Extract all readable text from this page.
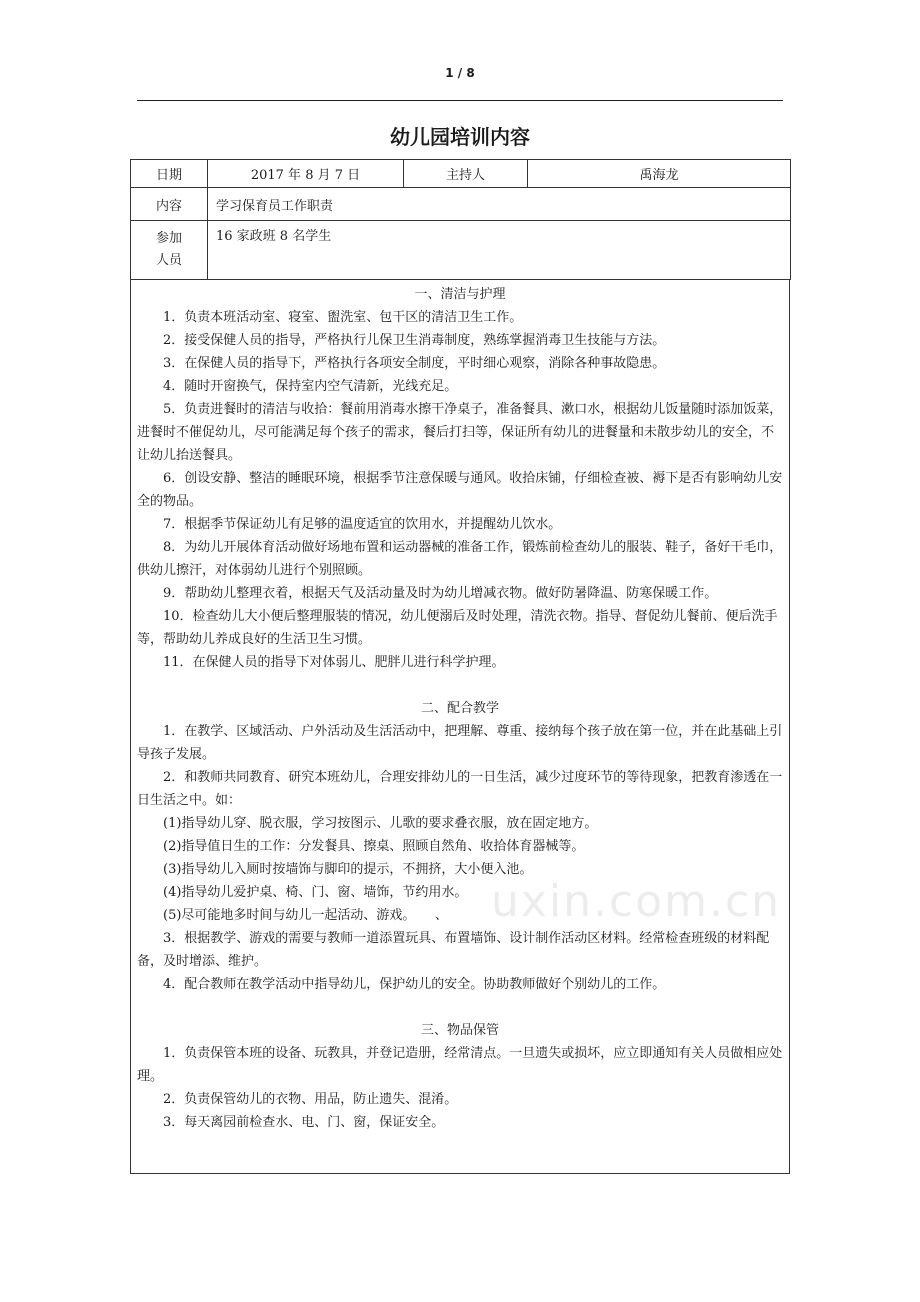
1 / 8
幼儿园培训内容
日期	2017 年 8 月 7 日	主持人	禹海龙
内容	学习保育员工作职责		

参加
人员	16 家政班 8 名学生		
一、清洁与护理

1．负责本班活动室、寝室、盥洗室、包干区的清洁卫生工作。

2．接受保健人员的指导，严格执行儿保卫生消毒制度，熟练掌握消毒卫生技能与方法。

3．在保健人员的指导下，严格执行各项安全制度，平时细心观察，消除各种事故隐患。

4．随时开窗换气，保持室内空气清新，光线充足。

5．负责进餐时的清洁与收拾：餐前用消毒水擦干净桌子，准备餐具、漱口水，根据幼儿饭量随时添加饭菜，进餐时不催促幼儿，尽可能满足每个孩子的需求，餐后打扫等，保证所有幼儿的进餐量和未散步幼儿的安全，不让幼儿抬送餐具。

6．创设安静、整洁的睡眠环境，根据季节注意保暖与通风。收拾床铺，仔细检查被、褥下是否有影响幼儿安全的物品。

7．根据季节保证幼儿有足够的温度适宜的饮用水，并提醒幼儿饮水。

8．为幼儿开展体育活动做好场地布置和运动器械的准备工作，锻炼前检查幼儿的服装、鞋子，备好干毛巾，供幼儿擦汗，对体弱幼儿进行个别照顾。

9．帮助幼儿整理衣着，根据天气及活动量及时为幼儿增减衣物。做好防暑降温、防寒保暖工作。

10．检查幼儿大小便后整理服装的情况，幼儿便溺后及时处理，清洗衣物。指导、督促幼儿餐前、便后洗手等，帮助幼儿养成良好的生活卫生习惯。

11．在保健人员的指导下对体弱儿、肥胖儿进行科学护理。

二、配合教学

1．在教学、区域活动、户外活动及生活活动中，把理解、尊重、接纳每个孩子放在第一位，并在此基础上引导孩子发展。

2．和教师共同教育、研究本班幼儿，合理安排幼儿的一日生活，减少过度环节的等待现象，把教育渗透在一日生活之中。如：

(1)指导幼儿穿、脱衣服，学习按图示、儿歌的要求叠衣服，放在固定地方。

(2)指导值日生的工作：分发餐具、擦桌、照顾自然角、收拾体育器械等。

(3)指导幼儿入厕时按墙饰与脚印的提示，不拥挤，大小便入池。

(4)指导幼儿爱护桌、椅、门、窗、墙饰，节约用水。

(5)尽可能地多时间与幼儿一起活动、游戏。　　、

3．根据教学、游戏的需要与教师一道添置玩具、布置墙饰、设计制作活动区材料。经常检查班级的材料配备，及时增添、维护。

4．配合教师在教学活动中指导幼儿，保护幼儿的安全。协助教师做好个别幼儿的工作。

三、物品保管

1．负责保管本班的设备、玩教具，并登记造册，经常清点。一旦遗失或损坏，应立即通知有关人员做相应处理。

2．负责保管幼儿的衣物、用品，防止遗失、混淆。

3．每天离园前检查水、电、门、窗，保证安全。

uxin.com.cn
